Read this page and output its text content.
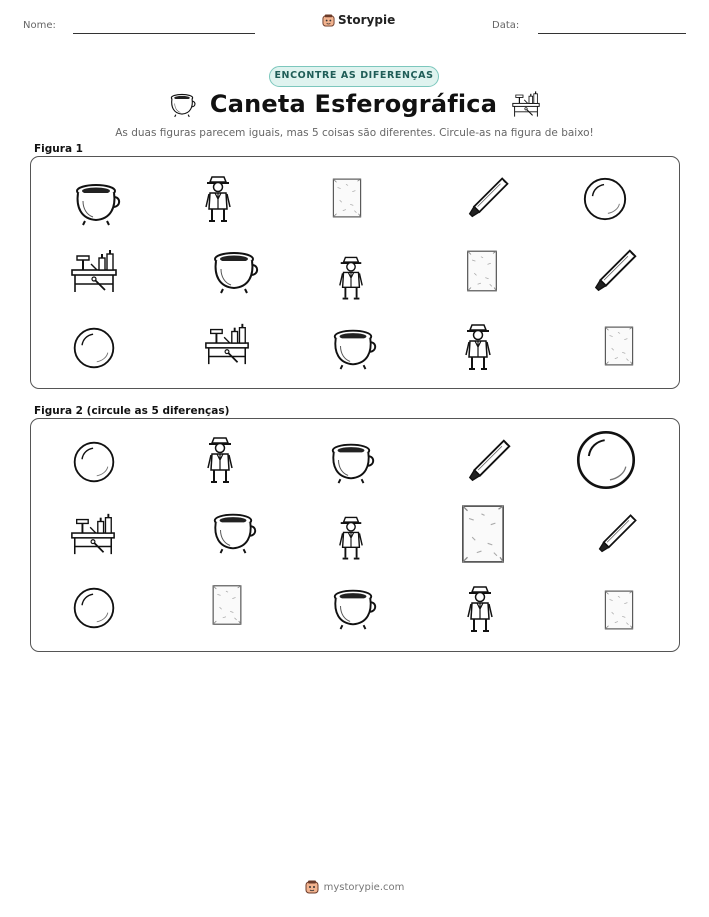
Nome:	Storypie	Data:
ENCONTRE AS DIFERENÇAS
Caneta Esferográfica
As duas figuras parecem iguais, mas 5 coisas são diferentes. Circule-as na figura de baixo!
Figura 1
Figura 2 (circule as 5 diferenças)
mystorypie.com
